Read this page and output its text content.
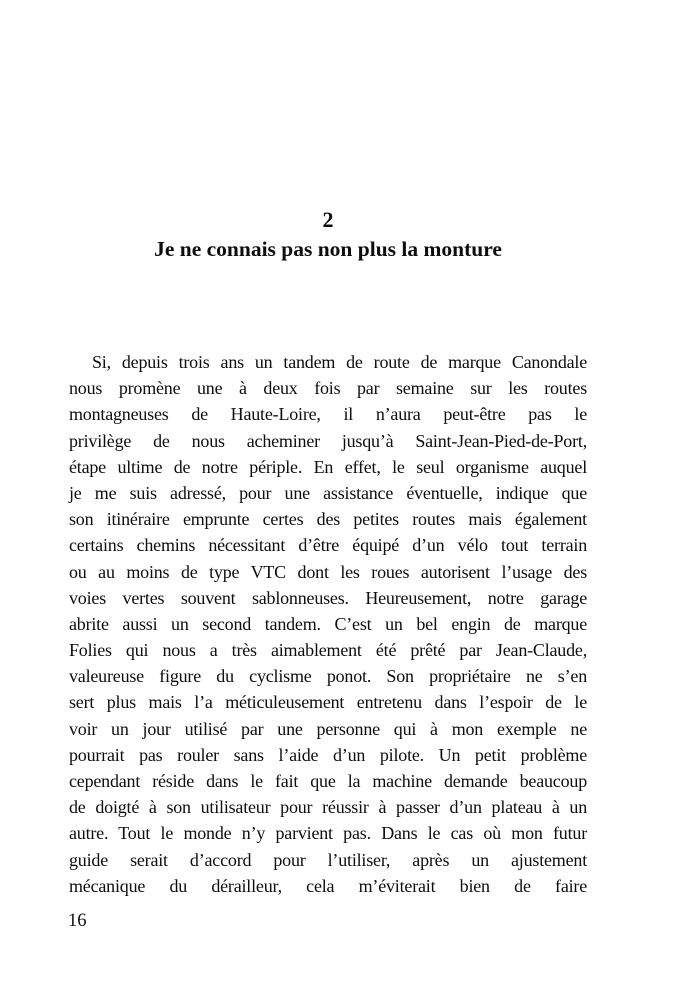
2
Je ne connais pas non plus la monture
Si, depuis trois ans un tandem de route de marque Canondale
nous promène une à deux fois par semaine sur les routes
montagneuses de Haute-Loire, il n’aura peut-être pas le
privilège de nous acheminer jusqu’à Saint-Jean-Pied-de-Port,
étape ultime de notre périple. En effet, le seul organisme auquel
je me suis adressé, pour une assistance éventuelle, indique que
son itinéraire emprunte certes des petites routes mais également
certains chemins nécessitant d’être équipé d’un vélo tout terrain
ou au moins de type VTC dont les roues autorisent l’usage des
voies vertes souvent sablonneuses. Heureusement, notre garage
abrite aussi un second tandem. C’est un bel engin de marque
Folies qui nous a très aimablement été prêté par Jean-Claude,
valeureuse figure du cyclisme ponot. Son propriétaire ne s’en
sert plus mais l’a méticuleusement entretenu dans l’espoir de le
voir un jour utilisé par une personne qui à mon exemple ne
pourrait pas rouler sans l’aide d’un pilote. Un petit problème
cependant réside dans le fait que la machine demande beaucoup
de doigté à son utilisateur pour réussir à passer d’un plateau à un
autre. Tout le monde n’y parvient pas. Dans le cas où mon futur
guide serait d’accord pour l’utiliser, après un ajustement
mécanique du dérailleur, cela m’éviterait bien de faire
16
